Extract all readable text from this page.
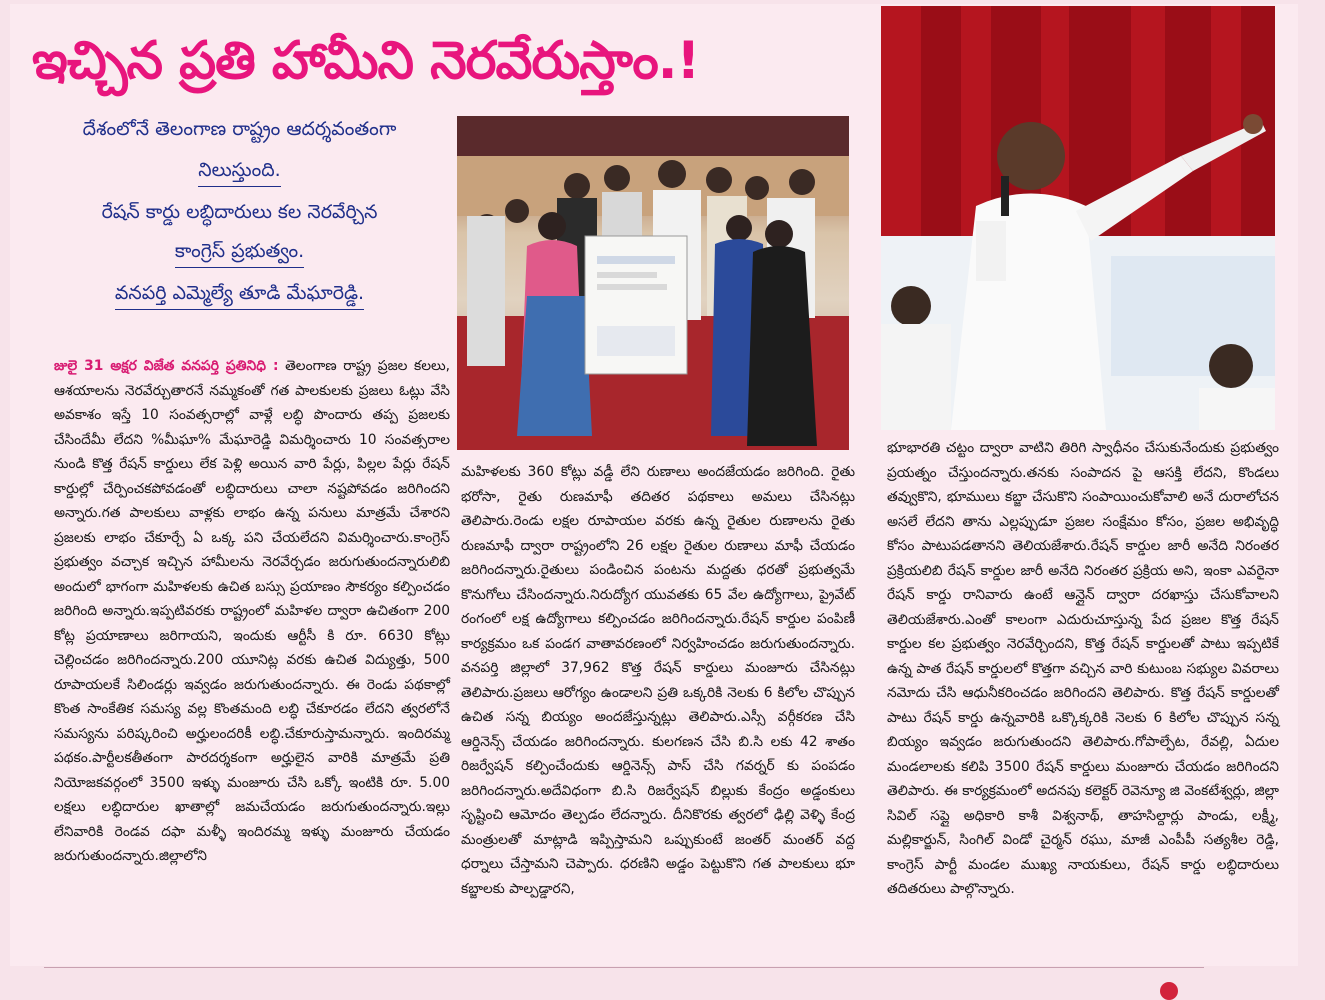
ఇచ్చిన ప్రతి హామీని నెరవేరుస్తాం.!
దేశంలోనే తెలంగాణ రాష్ట్రం ఆదర్శవంతంగా
నిలుస్తుంది.
రేషన్ కార్డు లబ్ధిదారులు కల నెరవేర్చిన
కాంగ్రెస్ ప్రభుత్వం.
వనపర్తి ఎమ్మెల్యే తూడి మేఘారెడ్డి.
జులై 31 అక్షర విజేత వనపర్తి ప్రతినిధి : తెలంగాణ రాష్ట్ర ప్రజల కలలు, ఆశయాలను నెరవేర్చుతారనే నమ్మకంతో గత పాలకులకు ప్రజలు ఓట్లు వేసి అవకాశం ఇస్తే 10 సంవత్సరాల్లో వాళ్లే లబ్ధి పొందారు తప్ప ప్రజలకు చేసిందేమీ లేదని %మీఘా% మేఘారెడ్డి విమర్శించారు 10 సంవత్సరాల నుండి కొత్త రేషన్ కార్డులు లేక పెళ్లి అయిన వారి పేర్లు, పిల్లల పేర్లు రేషన్ కార్డుల్లో చేర్పించకపోవడంతో లబ్ధిదారులు చాలా నష్టపోవడం జరిగిందని అన్నారు.గత పాలకులు వాళ్లకు లాభం ఉన్న పనులు మాత్రమే చేశారని ప్రజలకు లాభం చేకూర్చే ఏ ఒక్క పని చేయలేదని విమర్శించారు.కాంగ్రెస్ ప్రభుత్వం వచ్చాక ఇచ్చిన హామీలను నెరవేర్చడం జరుగుతుందన్నారులిబి అందులో భాగంగా మహిళలకు ఉచిత బస్సు ప్రయాణం సౌకర్యం కల్పించడం జరిగింది అన్నారు.ఇప్పటివరకు రాష్ట్రంలో మహిళల ద్వారా ఉచితంగా 200 కోట్ల ప్రయాణాలు జరిగాయని, ఇందుకు ఆర్టీసీ కి రూ. 6630 కోట్లు చెల్లించడం జరిగిందన్నారు.200 యూనిట్ల వరకు ఉచిత విద్యుత్తు, 500 రూపాయలకే సిలిండర్లు ఇవ్వడం జరుగుతుందన్నారు. ఈ రెండు పథకాల్లో కొంత సాంకేతిక సమస్య వల్ల కొంతమంది లబ్ధి చేకూరడం లేదని త్వరలోనే సమస్యను పరిష్కరించి అర్హులందరికీ లబ్ధి.చేకూరుస్తామన్నారు. ఇందిరమ్మ పథకం.పార్టీలకతీతంగా పారదర్శకంగా అర్హులైన వారికి మాత్రమే ప్రతి నియోజకవర్గంలో 3500 ఇళ్ళు మంజూరు చేసి ఒక్కో ఇంటికి రూ. 5.00 లక్షలు లబ్ధిదారుల ఖాతాల్లో జమచేయడం జరుగుతుందన్నారు.ఇల్లు లేనివారికి రెండవ దఫా మళ్ళీ ఇందిరమ్మ ఇళ్ళు మంజూరు చేయడం జరుగుతుందన్నారు.జిల్లాలోని
మహిళలకు 360 కోట్లు వడ్డీ లేని రుణాలు అందజేయడం జరిగింది. రైతు భరోసా, రైతు రుణమాఫీ తదితర పథకాలు అమలు చేసినట్లు తెలిపారు.రెండు లక్షల రూపాయల వరకు ఉన్న రైతుల రుణాలను రైతు రుణమాఫీ ద్వారా రాష్ట్రంలోని 26 లక్షల రైతుల రుణాలు మాఫీ చేయడం జరిగిందన్నారు.రైతులు పండించిన పంటను మద్దతు ధరతో ప్రభుత్వమే కొనుగోలు చేసిందన్నారు.నిరుద్యోగ యువతకు 65 వేల ఉద్యోగాలు, ప్రైవేట్ రంగంలో లక్ష ఉద్యోగాలు కల్పించడం జరిగిందన్నారు.రేషన్ కార్డుల పంపిణీ కార్యక్రమం ఒక పండగ వాతావరణంలో నిర్వహించడం జరుగుతుందన్నారు. వనపర్తి జిల్లాలో 37,962 కొత్త రేషన్ కార్డులు మంజూరు చేసినట్లు తెలిపారు.ప్రజలు ఆరోగ్యం ఉండాలని ప్రతి ఒక్కరికి నెలకు 6 కిలోల చొప్పున ఉచిత సన్న బియ్యం అందజేస్తున్నట్లు తెలిపారు.ఎస్సీ వర్గీకరణ చేసి ఆర్డినెన్స్ చేయడం జరిగిందన్నారు. కులగణన చేసి బి.సి లకు 42 శాతం రిజర్వేషన్ కల్పించేందుకు ఆర్డినెన్స్ పాస్ చేసి గవర్నర్ కు పంపడం జరిగిందన్నారు.అదేవిధంగా బి.సి రిజర్వేషన్ బిల్లుకు కేంద్రం అడ్డంకులు సృష్టించి ఆమోదం తెల్పడం లేదన్నారు. దీనికొరకు త్వరలో ఢిల్లి వెళ్ళి కేంద్ర మంత్రులతో మాట్లాడి ఇప్పిస్తామని ఒప్పుకుంటే జంతర్ మంతర్ వద్ద ధర్నాలు చేస్తామని చెప్పారు. ధరణిని అడ్డం పెట్టుకొని గత పాలకులు భూ కబ్జాలకు పాల్పడ్డారని,
భూభారతి చట్టం ద్వారా వాటిని తిరిగి స్వాధీనం చేసుకునేందుకు ప్రభుత్వం ప్రయత్నం చేస్తుందన్నారు.తనకు సంపాదన పై ఆసక్తి లేదని, కొండలు తవ్వుకొని, భూములు కబ్జా చేసుకొని సంపాయించుకోవాలి అనే దురాలోచన అసలే లేదని తాను ఎల్లప్పుడూ ప్రజల సంక్షేమం కోసం, ప్రజల అభివృద్ధి కోసం పాటుపడతానని తెలియజేశారు.రేషన్ కార్డుల జారీ అనేది నిరంతర ప్రక్రియలిబి రేషన్ కార్డుల జారీ అనేది నిరంతర ప్రక్రియ అని, ఇంకా ఎవరైనా రేషన్ కార్డు రానివారు ఉంటే ఆన్లైన్ ద్వారా దరఖాస్తు చేసుకోవాలని తెలియజేశారు.ఎంతో కాలంగా ఎదురుచూస్తున్న పేద ప్రజల కొత్త రేషన్ కార్డుల కల ప్రభుత్వం నెరవేర్చిందని, కొత్త రేషన్ కార్డులతో పాటు ఇప్పటికే ఉన్న పాత రేషన్ కార్డులలో కొత్తగా వచ్చిన వారి కుటుంబ సభ్యుల వివరాలు నమోదు చేసి ఆధునీకరించడం జరిగిందని తెలిపారు. కొత్త రేషన్ కార్డులతో పాటు రేషన్ కార్డు ఉన్నవారికి ఒక్కొక్కరికి నెలకు 6 కిలోల చొప్పున సన్న బియ్యం ఇవ్వడం జరుగుతుందని తెలిపారు.గోపాల్పేట, రేవల్లి, ఏదుల మండలాలకు కలిపి 3500 రేషన్ కార్డులు మంజూరు చేయడం జరిగిందని తెలిపారు. ఈ కార్యక్రమంలో అదనపు కలెక్టర్ రెవెన్యూ జి వెంకటేశ్వర్లు, జిల్లా సివిల్ సప్లై అధికారి కాశీ విశ్వనాథ్, తాహసిల్దార్లు పాండు, లక్ష్మీ, మల్లికార్జున్, సింగిల్ విండో చైర్మన్ రఘు, మాజీ ఎంపీపీ సత్యశీల రెడ్డి, కాంగ్రెస్ పార్టీ మండల ముఖ్య నాయకులు, రేషన్ కార్డు లబ్ధిదారులు తదితరులు పాల్గొన్నారు.
